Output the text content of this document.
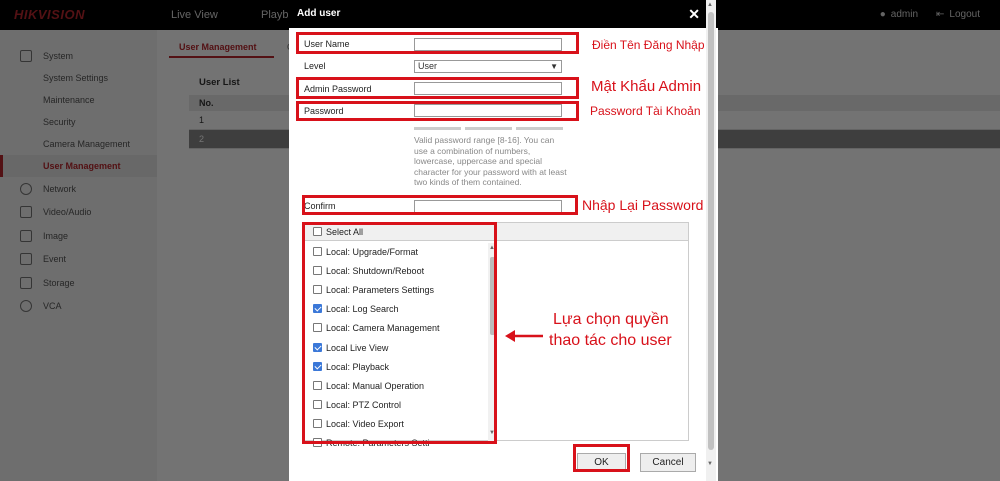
Add user	✕
User Name
Level	User	▼
Admin Password
Password
Valid password range [8-16]. You can use a combination of numbers, lowercase, uppercase and special character for your password with at least two kinds of them contained.
Confirm
Select All
Local: Upgrade/Format
Local: Shutdown/Reboot
Local: Parameters Settings
Local: Log Search
Local: Camera Management
Local Live View
Local: Playback
Local: Manual Operation
Local: PTZ Control
Local: Video Export
Remote: Parameters Setti
▲
▼
OK	Cancel
▲
▼
Điền Tên Đăng Nhập
Mật Khẩu Admin
Password Tài Khoản
Nhập Lại Password
Lựa chọn quyền
thao tác cho user
